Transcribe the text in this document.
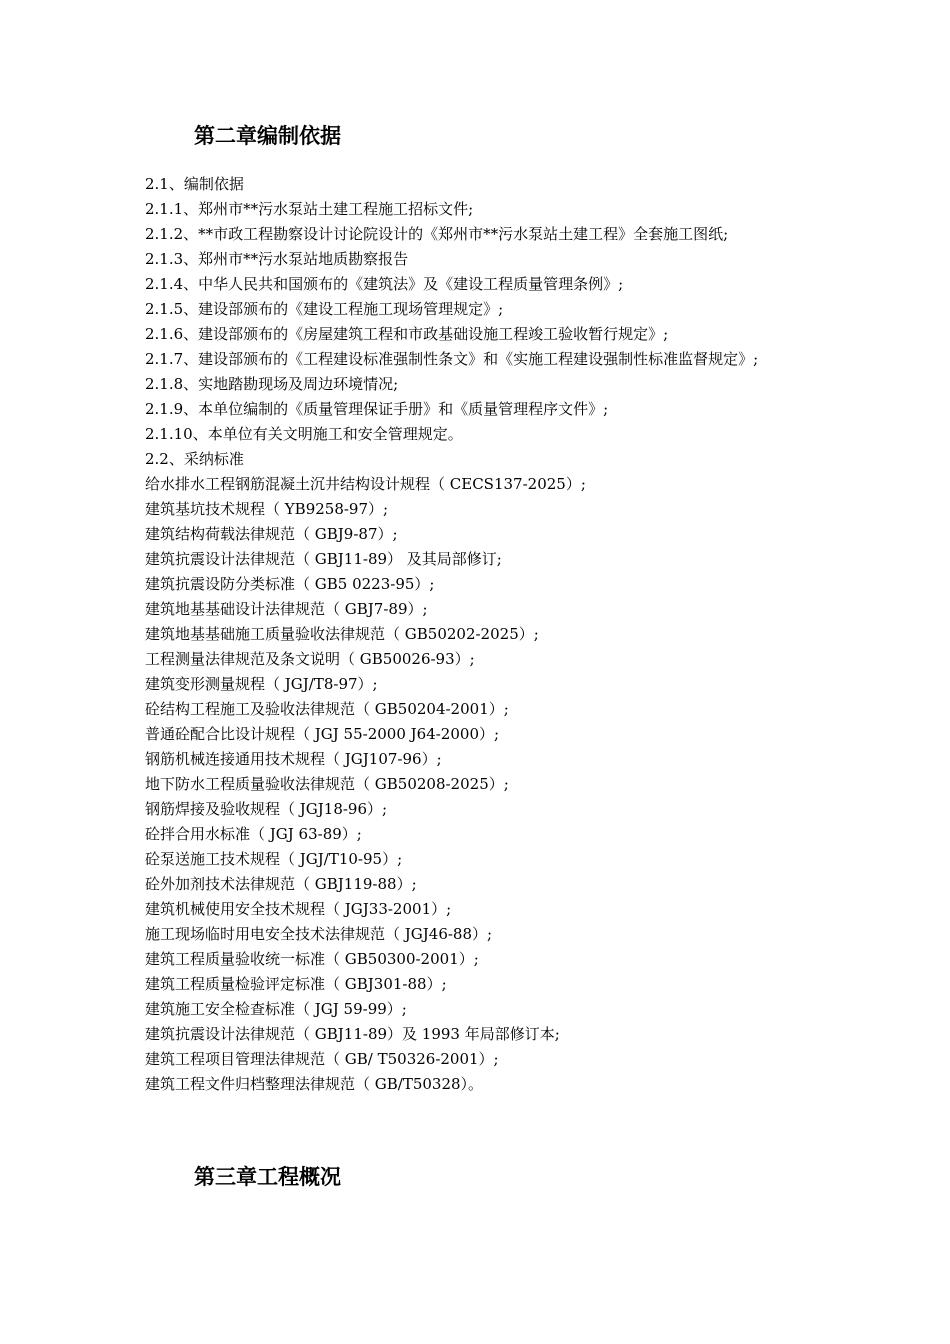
第二章编制依据

2.1、编制依据

2.1.1、郑州市**污水泵站土建工程施工招标文件;

2.1.2、**市政工程勘察设计讨论院设计的《郑州市**污水泵站土建工程》全套施工图纸;

2.1.3、郑州市**污水泵站地质勘察报告

2.1.4、中华人民共和国颁布的《建筑法》及《建设工程质量管理条例》;

2.1.5、建设部颁布的《建设工程施工现场管理规定》;

2.1.6、建设部颁布的《房屋建筑工程和市政基础设施工程竣工验收暂行规定》;

2.1.7、建设部颁布的《工程建设标准强制性条文》和《实施工程建设强制性标准监督规定》;

2.1.8、实地踏勘现场及周边环境情况;

2.1.9、本单位编制的《质量管理保证手册》和《质量管理程序文件》;

2.1.10、本单位有关文明施工和安全管理规定。

2.2、采纳标准

给水排水工程钢筋混凝土沉井结构设计规程（ CECS137-2025）;

建筑基坑技术规程（ YB9258-97）;

建筑结构荷载法律规范（ GBJ9-87）;

建筑抗震设计法律规范（ GBJ11-89） 及其局部修订;

建筑抗震设防分类标准（ GB5 0223-95）;

建筑地基基础设计法律规范（ GBJ7-89）;

建筑地基基础施工质量验收法律规范（ GB50202-2025）;

工程测量法律规范及条文说明（ GB50026-93）;

建筑变形测量规程（ JGJ/T8-97）;

砼结构工程施工及验收法律规范（ GB50204-2001）;

普通砼配合比设计规程（ JGJ 55-2000 J64-2000）;

钢筋机械连接通用技术规程（ JGJ107-96）;

地下防水工程质量验收法律规范（ GB50208-2025）;

钢筋焊接及验收规程（ JGJ18-96）;

砼拌合用水标准（ JGJ 63-89）;

砼泵送施工技术规程（ JGJ/T10-95）;

砼外加剂技术法律规范（ GBJ119-88）;

建筑机械使用安全技术规程（ JGJ33-2001）;

施工现场临时用电安全技术法律规范（ JGJ46-88）;

建筑工程质量验收统一标准（ GB50300-2001）;

建筑工程质量检验评定标准（ GBJ301-88）;

建筑施工安全检查标准（ JGJ 59-99）;

建筑抗震设计法律规范（ GBJ11-89）及 1993 年局部修订本;

建筑工程项目管理法律规范（ GB/ T50326-2001）;

建筑工程文件归档整理法律规范（ GB/T50328）。

第三章工程概况
